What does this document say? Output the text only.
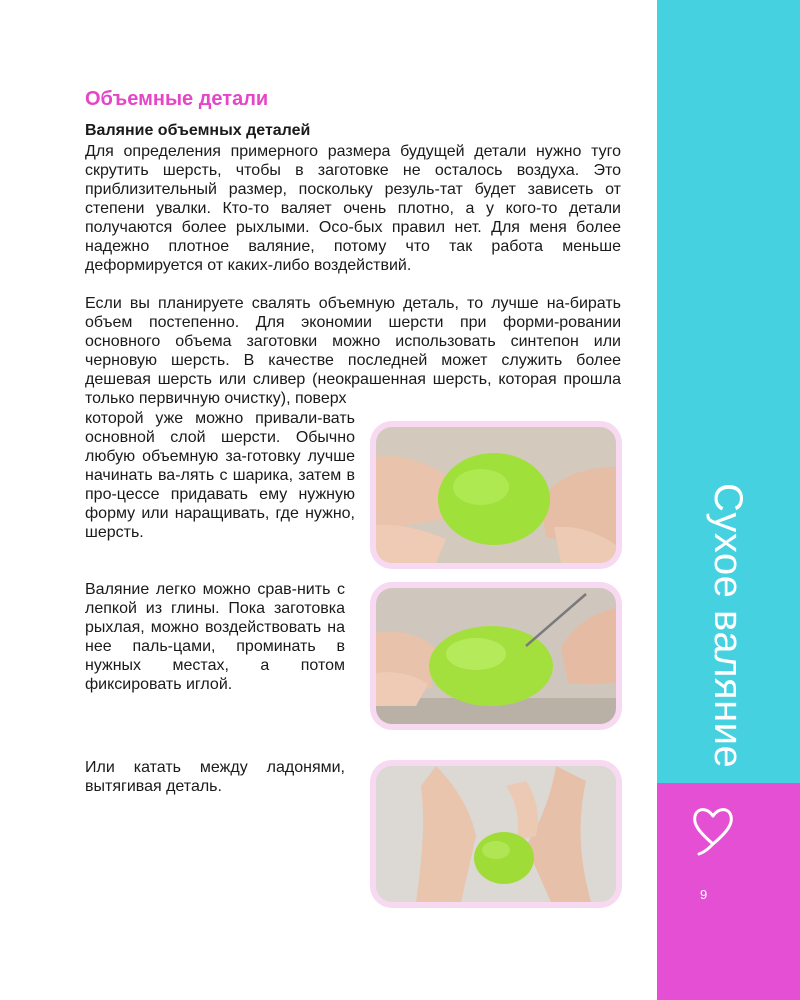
Сухое валяние
9
Объемные детали
Валяние объемных деталей

Для определения примерного размера будущей детали нужно туго скрутить шерсть, чтобы в заготовке не осталось воздуха. Это приблизительный размер, поскольку резуль-тат будет зависеть от степени увалки. Кто-то валяет очень плотно, а у кого-то детали получаются более рыхлыми. Осо-бых правил нет. Для меня более надежно плотное валяние, потому что так работа меньше деформируется от каких-либо воздействий.

Если вы планируете свалять объемную деталь, то лучше на-бирать объем постепенно. Для экономии шерсти при форми-ровании основного объема заготовки можно использовать синтепон или черновую шерсть. В качестве последней может служить более дешевая шерсть или сливер (неокрашенная шерсть, которая прошла только первичную очистку), поверх

которой уже можно привали-вать основной слой шерсти. Обычно любую объемную за-готовку лучше начинать ва-лять с шарика, затем в про-цессе придавать ему нужную форму или наращивать, где нужно, шерсть.

Валяние легко можно срав-нить с лепкой из глины. Пока заготовка рыхлая, можно воздействовать на нее паль-цами, проминать в нужных местах, а потом фиксировать иглой.

Или катать между ладонями, вытягивая деталь.
